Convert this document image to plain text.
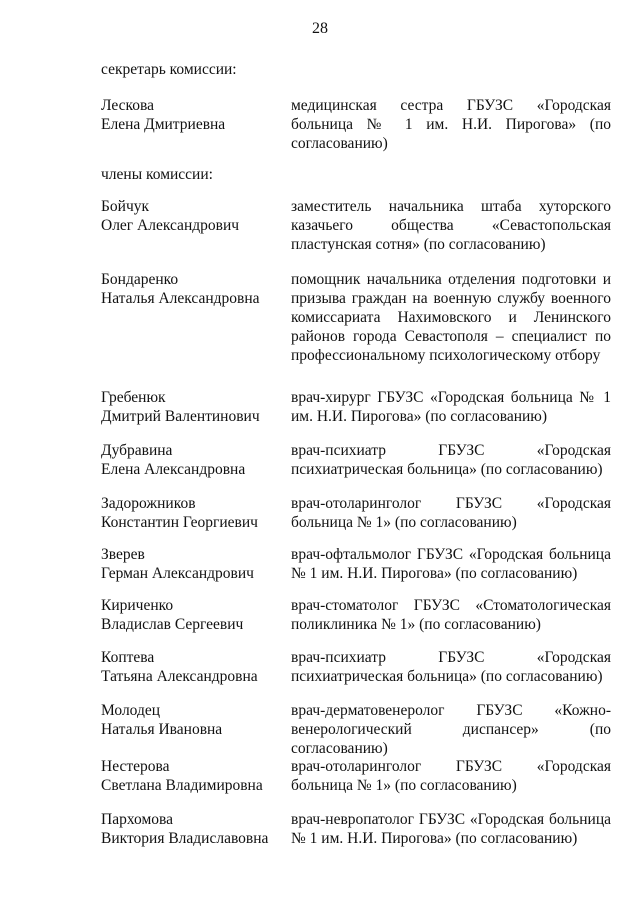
28
секретарь комиссии:
Лескова
Елена Дмитриевна
медицинская сестра ГБУЗС «Городская больница № 1 им. Н.И. Пирогова» (по согласованию)
члены комиссии:
Бойчук
Олег Александрович
заместитель начальника штаба хуторского казачьего общества «Севастопольская пластунская сотня» (по согласованию)
Бондаренко
Наталья Александровна
помощник начальника отделения подготовки и призыва граждан на военную службу военного комиссариата Нахимовского и Ленинского районов города Севастополя – специалист по профессиональному психологическому отбору
Гребенюк
Дмитрий Валентинович
врач-хирург ГБУЗС «Городская больница № 1 им. Н.И. Пирогова» (по согласованию)
Дубравина
Елена Александровна
врач-психиатр ГБУЗС «Городская психиатрическая больница» (по согласованию)
Задорожников
Константин Георгиевич
врач-отоларинголог ГБУЗС «Городская больница № 1» (по согласованию)
Зверев
Герман Александрович
врач-офтальмолог ГБУЗС «Городская больница № 1 им. Н.И. Пирогова» (по согласованию)
Кириченко
Владислав Сергеевич
врач-стоматолог ГБУЗС «Стоматологическая поликлиника № 1» (по согласованию)
Коптева
Татьяна Александровна
врач-психиатр ГБУЗС «Городская психиатрическая больница» (по согласованию)
Молодец
Наталья Ивановна
врач-дерматовенеролог ГБУЗС «Кожно-венерологический диспансер» (по согласованию)
Нестерова
Светлана Владимировна
врач-отоларинголог ГБУЗС «Городская больница № 1» (по согласованию)
Пархомова
Виктория Владиславовна
врач-невропатолог ГБУЗС «Городская больница № 1 им. Н.И. Пирогова» (по согласованию)
